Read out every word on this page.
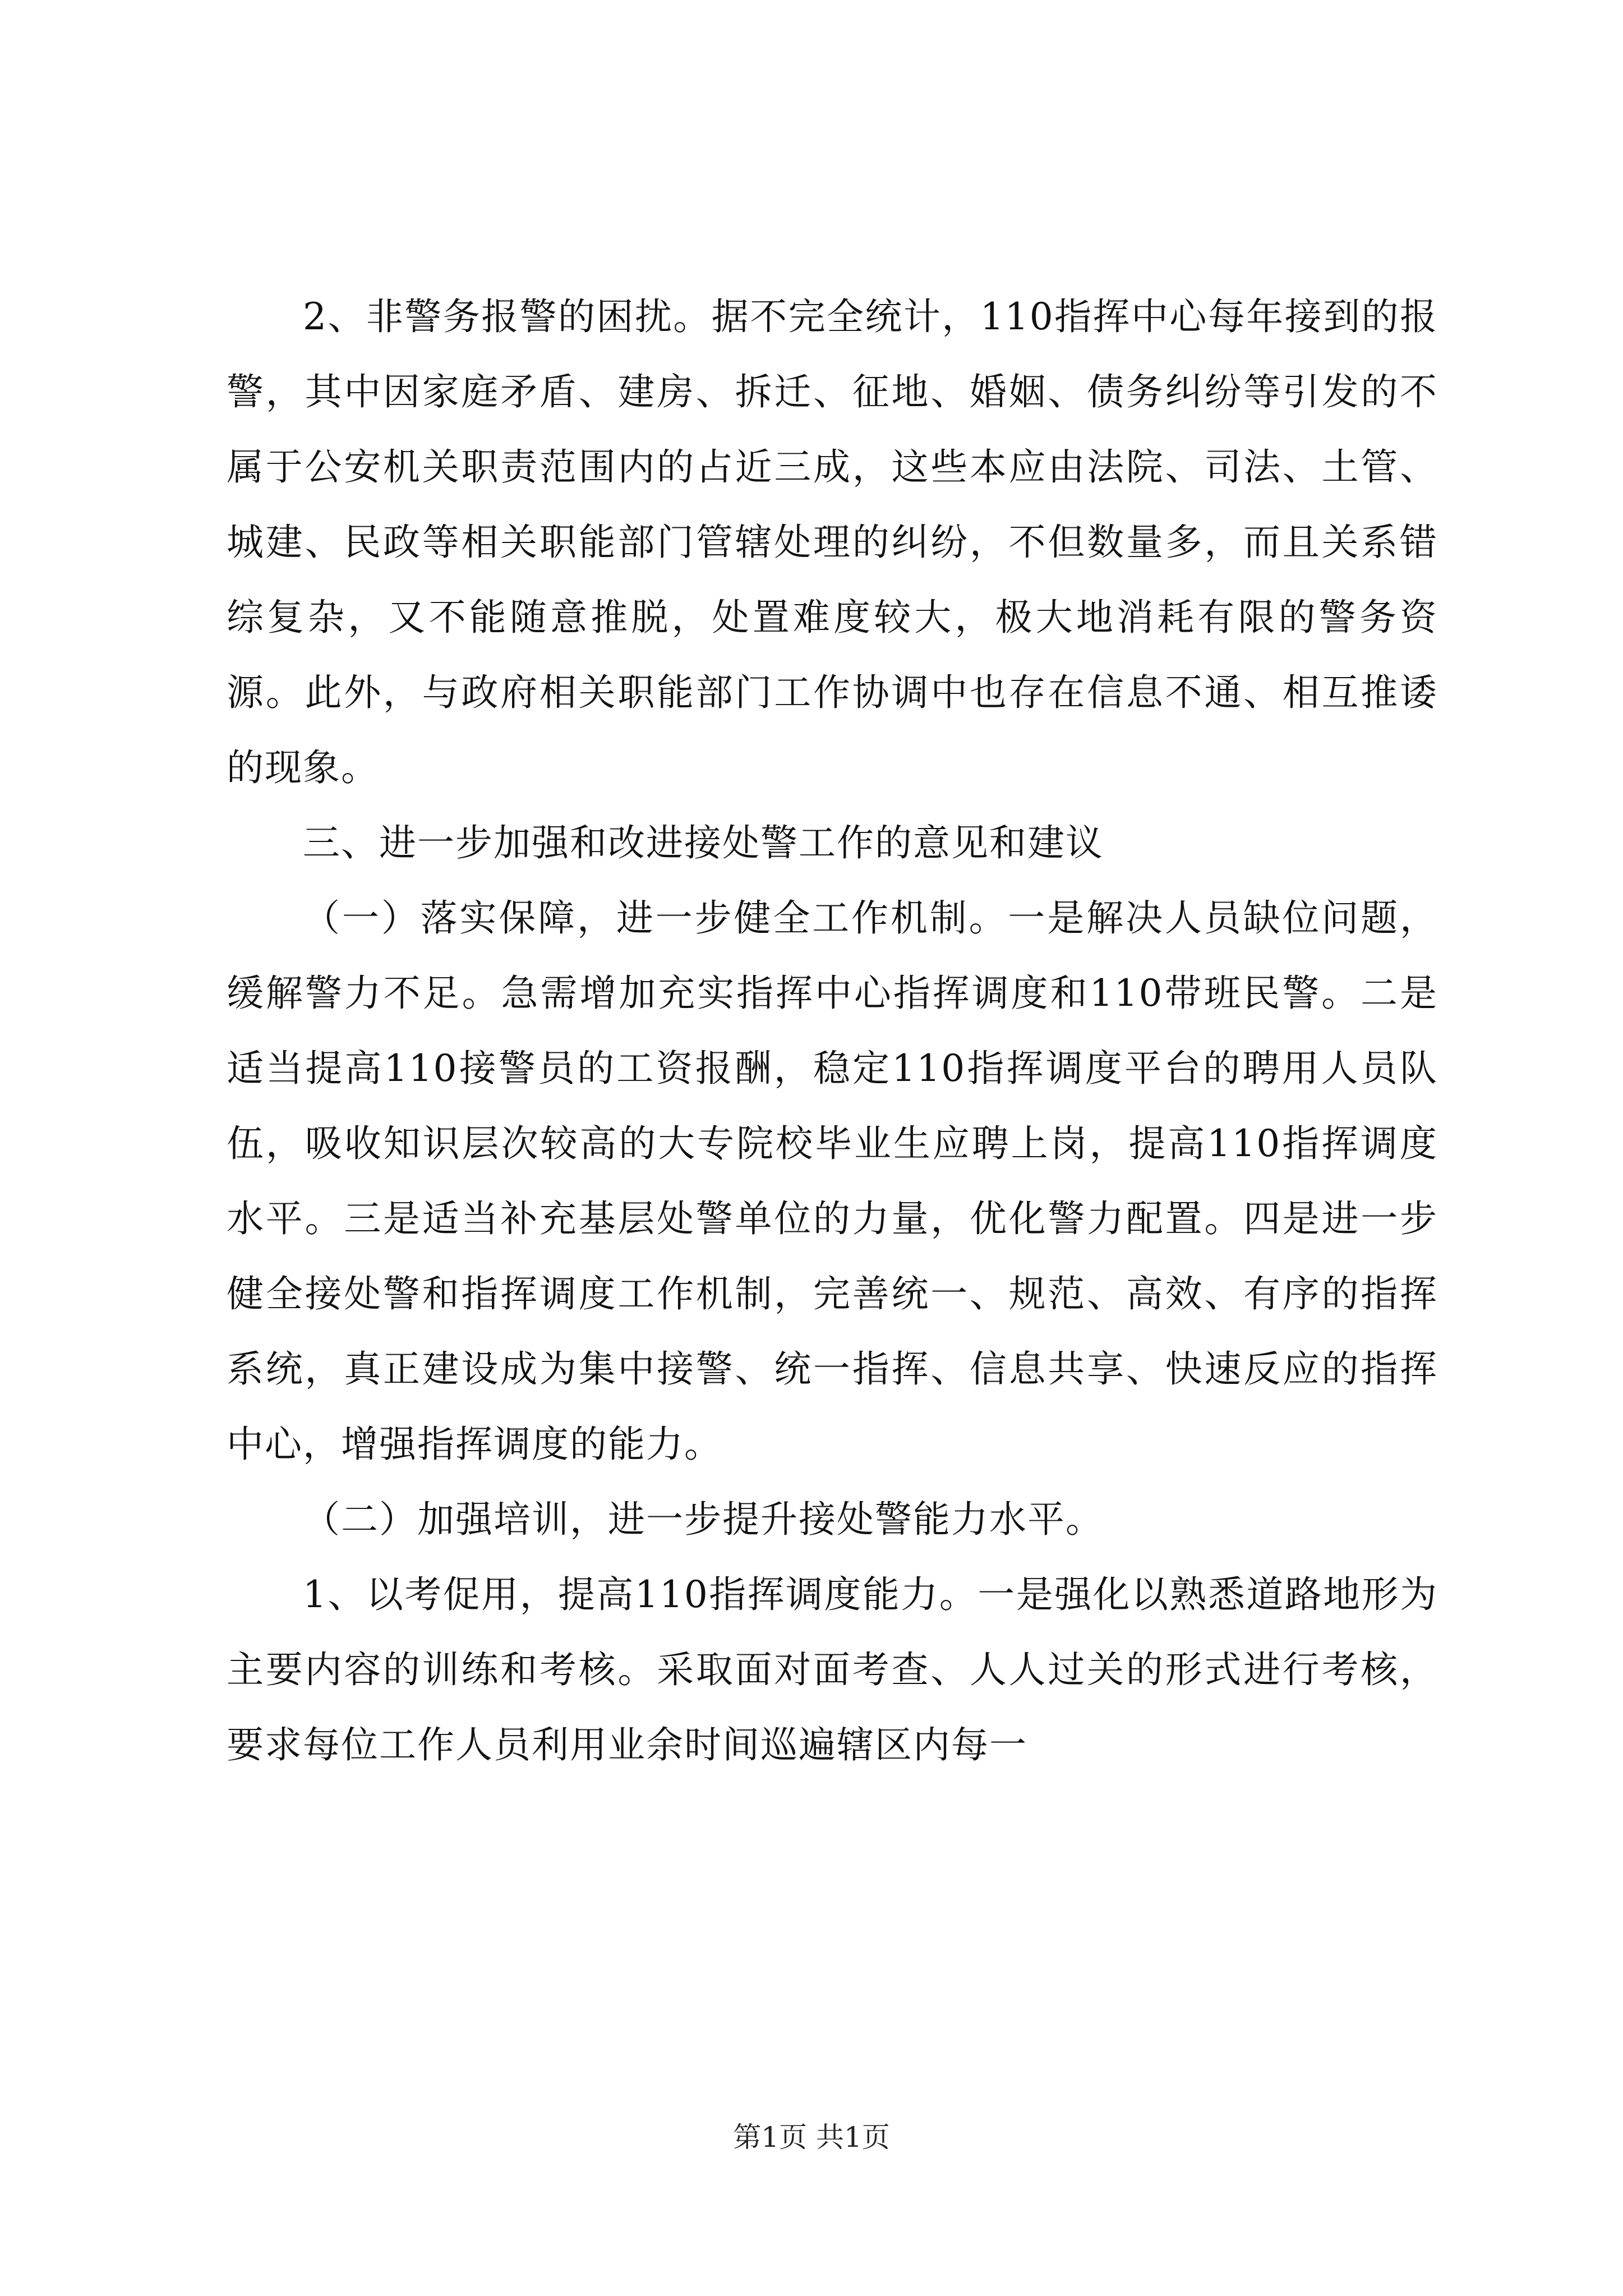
2、非警务报警的困扰。据不完全统计，110指挥中心每年接到的报警，其中因家庭矛盾、建房、拆迁、征地、婚姻、债务纠纷等引发的不属于公安机关职责范围内的占近三成，这些本应由法院、司法、土管、城建、民政等相关职能部门管辖处理的纠纷，不但数量多，而且关系错综复杂，又不能随意推脱，处置难度较大，极大地消耗有限的警务资源。此外，与政府相关职能部门工作协调中也存在信息不通、相互推诿的现象。

三、进一步加强和改进接处警工作的意见和建议

（一）落实保障，进一步健全工作机制。一是解决人员缺位问题，缓解警力不足。急需增加充实指挥中心指挥调度和110带班民警。二是适当提高110接警员的工资报酬，稳定110指挥调度平台的聘用人员队伍，吸收知识层次较高的大专院校毕业生应聘上岗，提高110指挥调度水平。三是适当补充基层处警单位的力量，优化警力配置。四是进一步健全接处警和指挥调度工作机制，完善统一、规范、高效、有序的指挥系统，真正建设成为集中接警、统一指挥、信息共享、快速反应的指挥中心，增强指挥调度的能力。

（二）加强培训，进一步提升接处警能力水平。

1、以考促用，提高110指挥调度能力。一是强化以熟悉道路地形为主要内容的训练和考核。采取面对面考查、人人过关的形式进行考核，要求每位工作人员利用业余时间巡遍辖区内每一

第1页 共1页
